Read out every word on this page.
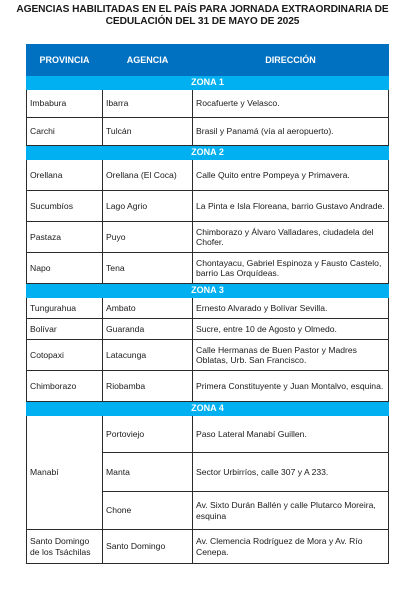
AGENCIAS HABILITADAS EN EL PAÍS PARA JORNADA EXTRAORDINARIA DE
CEDULACIÓN DEL 31 DE MAYO DE 2025
PROVINCIA	AGENCIA	DIRECCIÓN
ZONA 1		
Imbabura	Ibarra	Rocafuerte y Velasco.
Carchi	Tulcán	Brasil y Panamá (vía al aeropuerto).
ZONA 2		
Orellana	Orellana (El Coca)	Calle Quito entre Pompeya y Primavera.
Sucumbíos	Lago Agrio	La Pinta e Isla Floreana, barrio Gustavo Andrade.
Pastaza	Puyo	Chimborazo y Álvaro Valladares, ciudadela del Chofer.
Napo	Tena	Chontayacu, Gabriel Espinoza y Fausto Castelo, barrio Las Orquídeas.
ZONA 3		
Tungurahua	Ambato	Ernesto Alvarado y Bolívar Sevilla.
Bolívar	Guaranda	Sucre, entre 10 de Agosto y Olmedo.
Cotopaxi	Latacunga	Calle Hermanas de Buen Pastor y Madres Oblatas, Urb. San Francisco.
Chimborazo	Riobamba	Primera Constituyente y Juan Montalvo, esquina.
ZONA 4		
Manabí	Portoviejo	Paso Lateral Manabí Guillen.
	Manta	Sector Urbirríos, calle 307 y A 233.
	Chone	Av. Sixto Durán Ballén y calle Plutarco Moreira, esquina
Santo Domingo de los Tsáchilas	Santo Domingo	Av. Clemencia Rodríguez de Mora y Av. Río Cenepa.
